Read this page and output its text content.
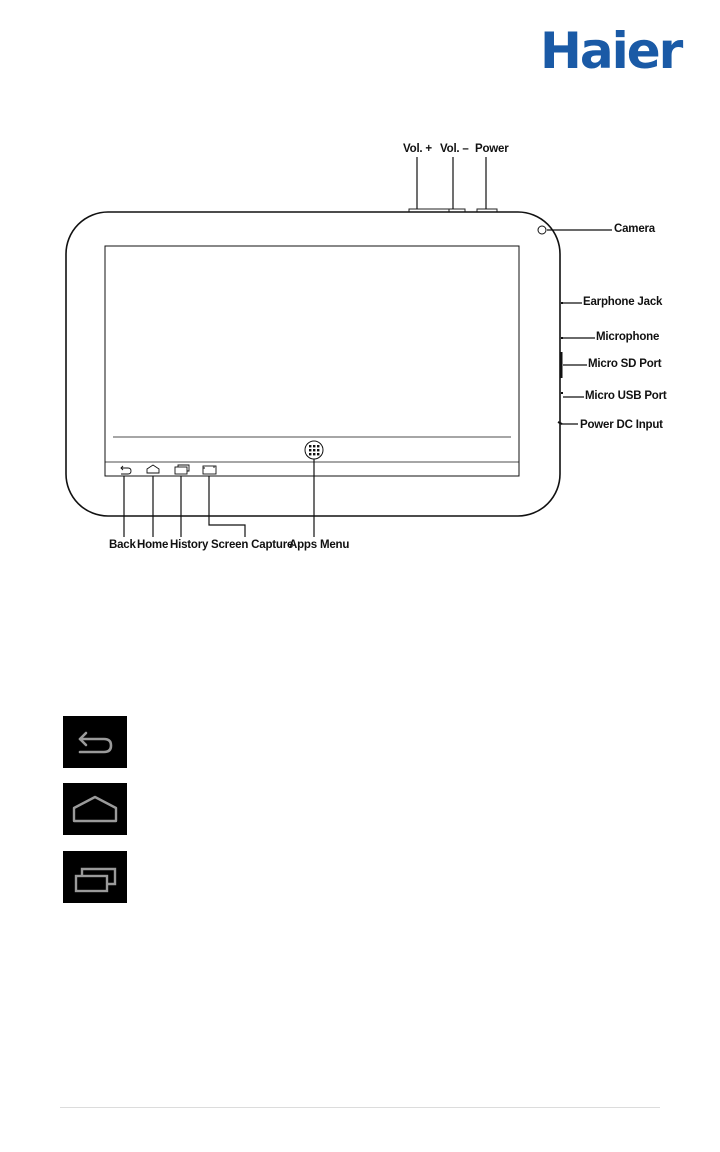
Haier
Vol. + Vol. – Power
Camera
Earphone Jack
Microphone
Micro SD Port
Micro USB Port
Power DC Input
Back Home History Screen Capture
Apps Menu
